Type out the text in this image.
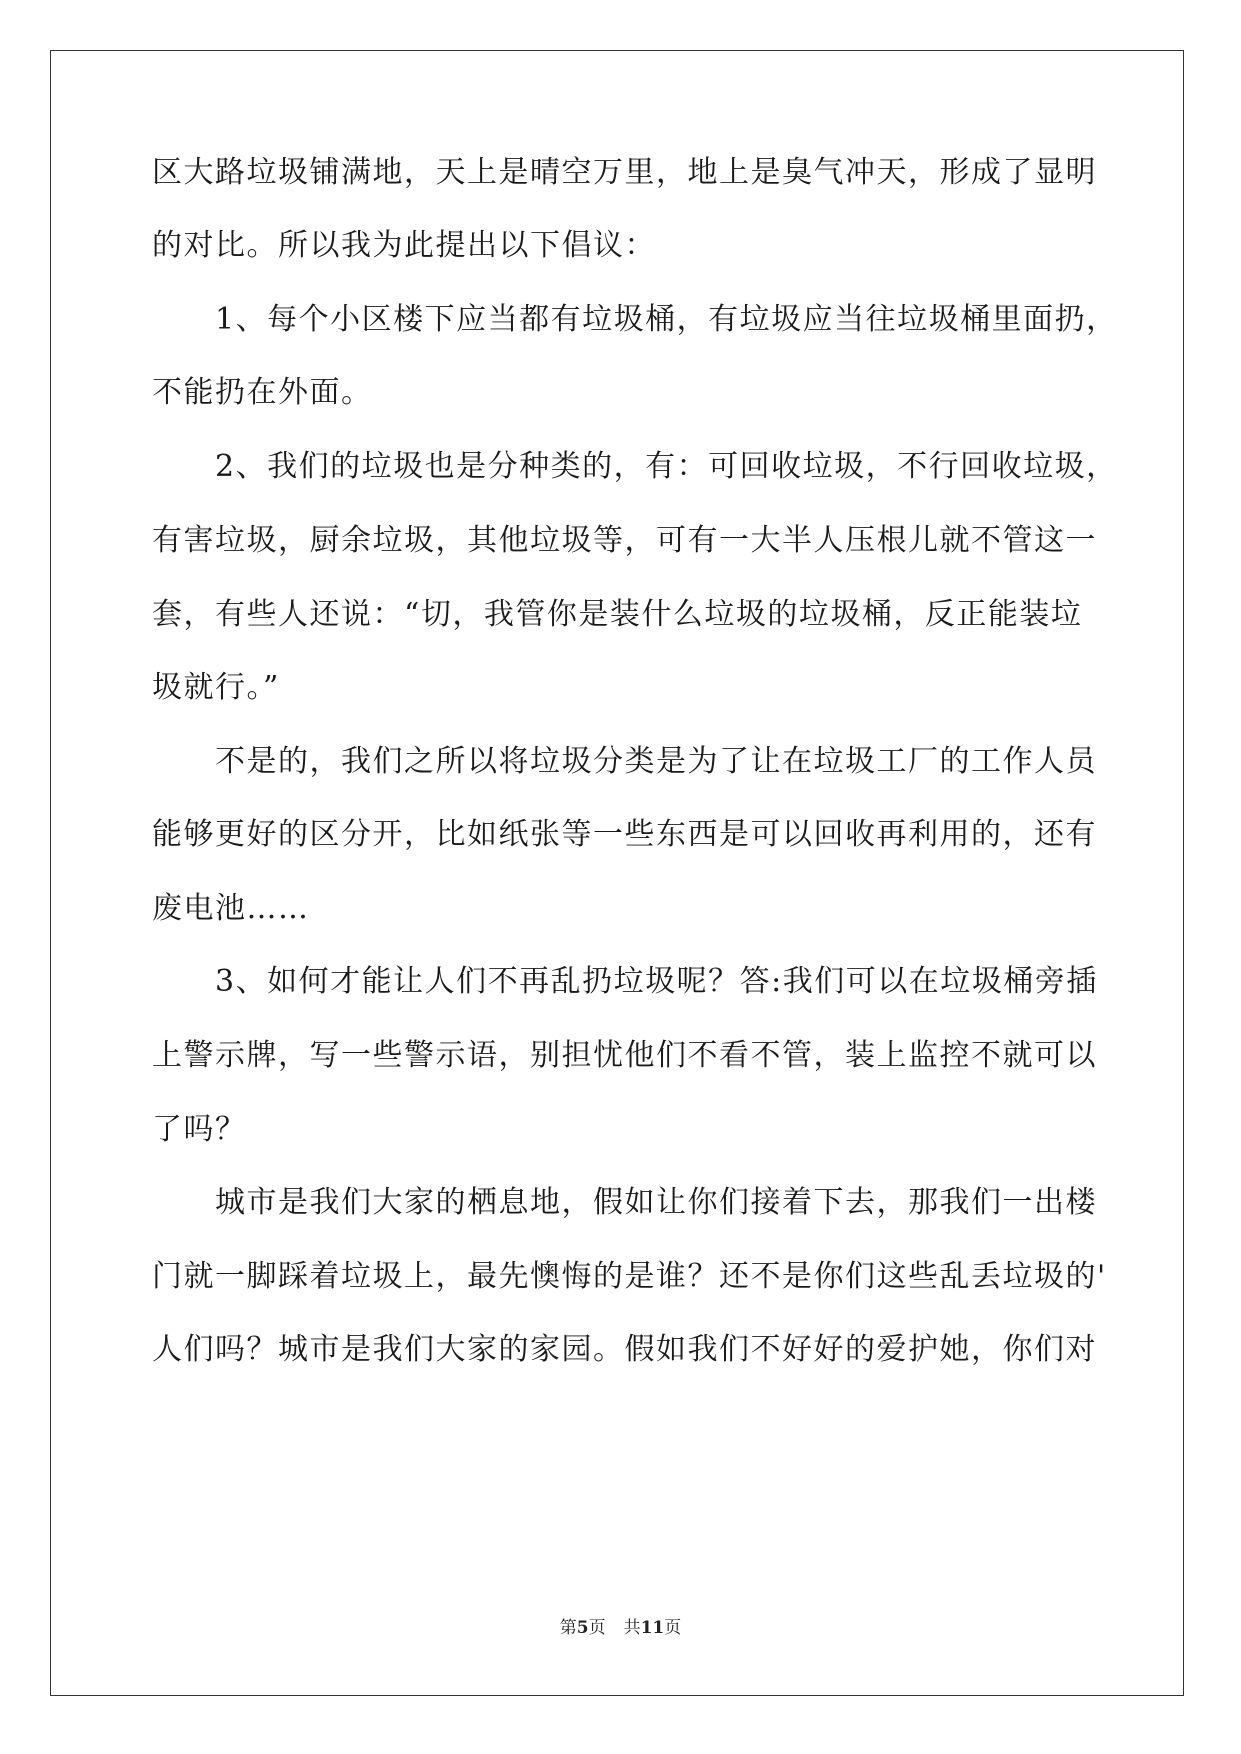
区大路垃圾铺满地，天上是晴空万里，地上是臭气冲天，形成了显明
的对比。所以我为此提出以下倡议：
　　1、每个小区楼下应当都有垃圾桶，有垃圾应当往垃圾桶里面扔，
不能扔在外面。
　　2、我们的垃圾也是分种类的，有：可回收垃圾，不行回收垃圾，
有害垃圾，厨余垃圾，其他垃圾等，可有一大半人压根儿就不管这一
套，有些人还说：“切，我管你是装什么垃圾的垃圾桶，反正能装垃
圾就行。”
　　不是的，我们之所以将垃圾分类是为了让在垃圾工厂的工作人员
能够更好的区分开，比如纸张等一些东西是可以回收再利用的，还有
废电池……
　　3、如何才能让人们不再乱扔垃圾呢？答:我们可以在垃圾桶旁插
上警示牌，写一些警示语，别担忧他们不看不管，装上监控不就可以
了吗？
　　城市是我们大家的栖息地，假如让你们接着下去，那我们一出楼
门就一脚踩着垃圾上，最先懊悔的是谁？还不是你们这些乱丢垃圾的'
人们吗？城市是我们大家的家园。假如我们不好好的爱护她，你们对
第5页 共11页
